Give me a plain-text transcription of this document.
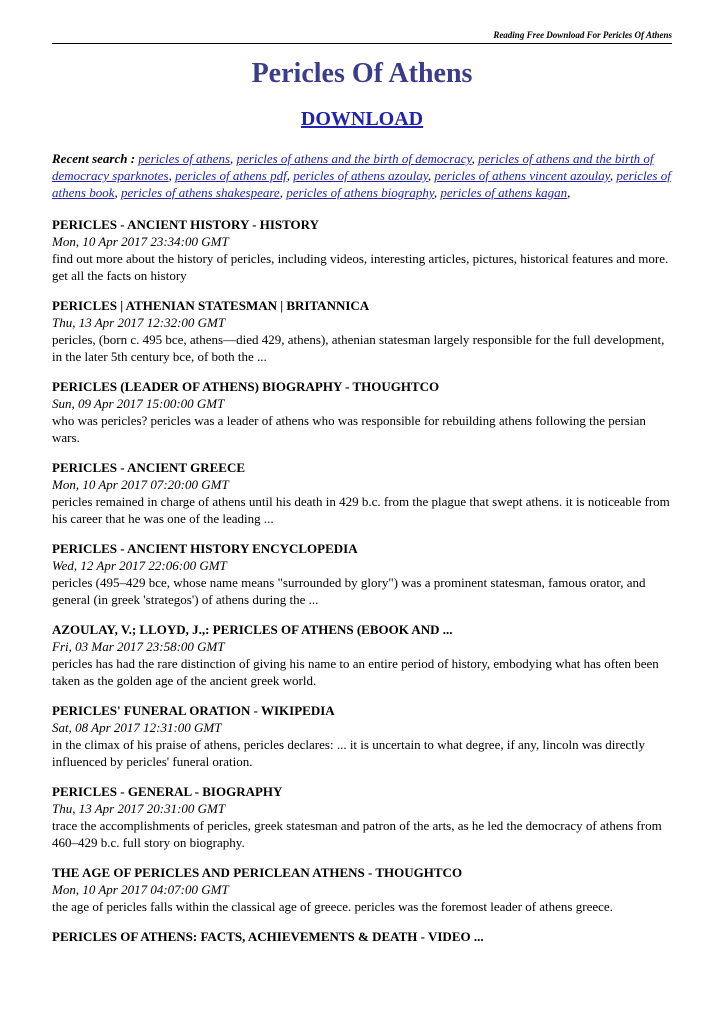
Reading Free Download For Pericles Of Athens
Pericles Of Athens
DOWNLOAD
Recent search : pericles of athens, pericles of athens and the birth of democracy, pericles of athens and the birth of democracy sparknotes, pericles of athens pdf, pericles of athens azoulay, pericles of athens vincent azoulay, pericles of athens book, pericles of athens shakespeare, pericles of athens biography, pericles of athens kagan,
PERICLES - ANCIENT HISTORY - HISTORY
Mon, 10 Apr 2017 23:34:00 GMT
find out more about the history of pericles, including videos, interesting articles, pictures, historical features and more. get all the facts on history
PERICLES | ATHENIAN STATESMAN | BRITANNICA
Thu, 13 Apr 2017 12:32:00 GMT
pericles, (born c. 495 bce, athens—died 429, athens), athenian statesman largely responsible for the full development, in the later 5th century bce, of both the ...
PERICLES (LEADER OF ATHENS) BIOGRAPHY - THOUGHTCO
Sun, 09 Apr 2017 15:00:00 GMT
who was pericles? pericles was a leader of athens who was responsible for rebuilding athens following the persian wars.
PERICLES - ANCIENT GREECE
Mon, 10 Apr 2017 07:20:00 GMT
pericles remained in charge of athens until his death in 429 b.c. from the plague that swept athens. it is noticeable from his career that he was one of the leading ...
PERICLES - ANCIENT HISTORY ENCYCLOPEDIA
Wed, 12 Apr 2017 22:06:00 GMT
pericles (495–429 bce, whose name means "surrounded by glory") was a prominent statesman, famous orator, and general (in greek 'strategos') of athens during the ...
AZOULAY, V.; LLOYD, J.,: PERICLES OF ATHENS (EBOOK AND ...
Fri, 03 Mar 2017 23:58:00 GMT
pericles has had the rare distinction of giving his name to an entire period of history, embodying what has often been taken as the golden age of the ancient greek world.
PERICLES' FUNERAL ORATION - WIKIPEDIA
Sat, 08 Apr 2017 12:31:00 GMT
in the climax of his praise of athens, pericles declares: ... it is uncertain to what degree, if any, lincoln was directly influenced by pericles' funeral oration.
PERICLES - GENERAL - BIOGRAPHY
Thu, 13 Apr 2017 20:31:00 GMT
trace the accomplishments of pericles, greek statesman and patron of the arts, as he led the democracy of athens from 460–429 b.c. full story on biography.
THE AGE OF PERICLES AND PERICLEAN ATHENS - THOUGHTCO
Mon, 10 Apr 2017 04:07:00 GMT
the age of pericles falls within the classical age of greece. pericles was the foremost leader of athens greece.
PERICLES OF ATHENS: FACTS, ACHIEVEMENTS & DEATH - VIDEO ...
